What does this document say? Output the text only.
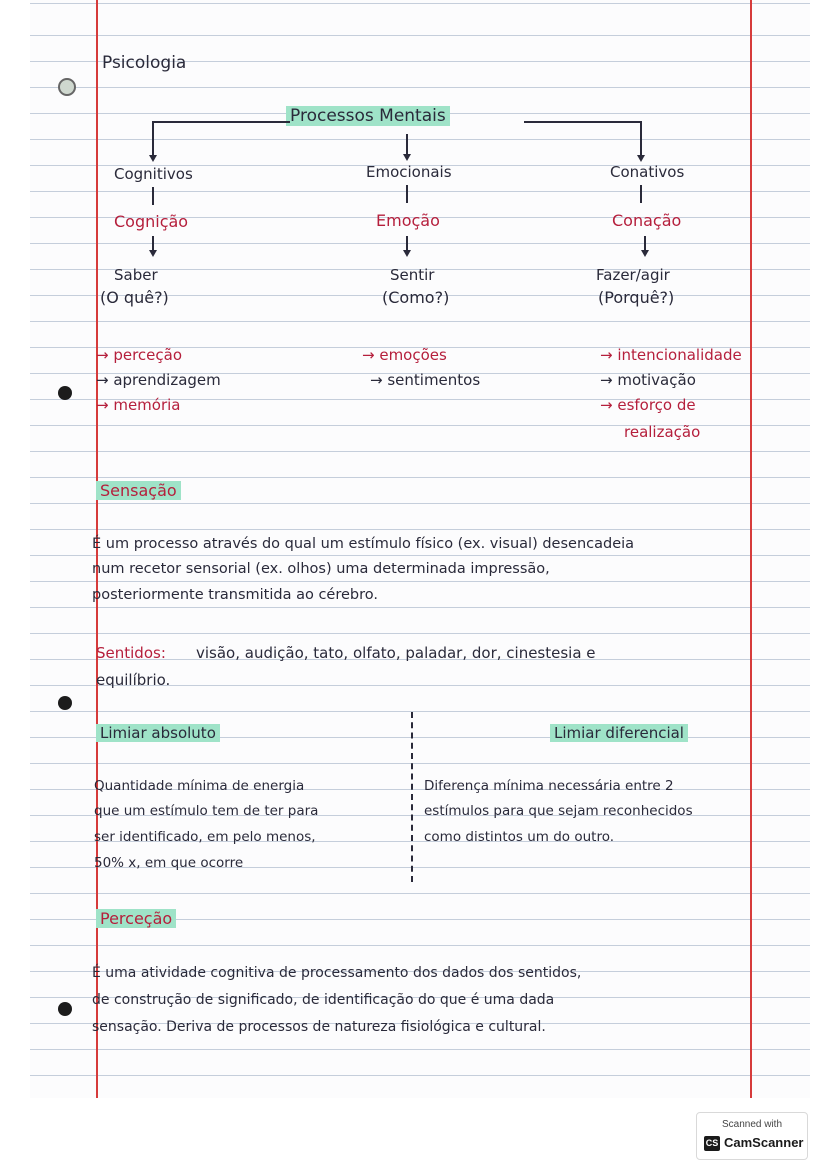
Psicologia
Processos Mentais
Cognitivos
Cognição
Saber
(O quê?)
→ perceção
→ aprendizagem
→ memória
Emocionais
Emoção
Sentir
(Como?)
→ emoções
→ sentimentos
Conativos
Conação
Fazer/agir
(Porquê?)
→ intencionalidade
→ motivação
→ esforço de
realização
Sensação
É um processo através do qual um estímulo físico (ex. visual) desencadeia
num recetor sensorial (ex. olhos) uma determinada impressão,
posteriormente transmitida ao cérebro.
Sentidos: visão, audição, tato, olfato, paladar, dor, cinestesia e
equilíbrio.
Limiar absoluto	Limiar diferencial
Quantidade mínima de energia
que um estímulo tem de ter para
ser identificado, em pelo menos,
50% x, em que ocorre
Diferença mínima necessária entre 2
estímulos para que sejam reconhecidos
como distintos um do outro.
Perceção
É uma atividade cognitiva de processamento dos dados dos sentidos,
de construção de significado, de identificação do que é uma dada
sensação. Deriva de processos de natureza fisiológica e cultural.
Scanned with
CS CamScanner
